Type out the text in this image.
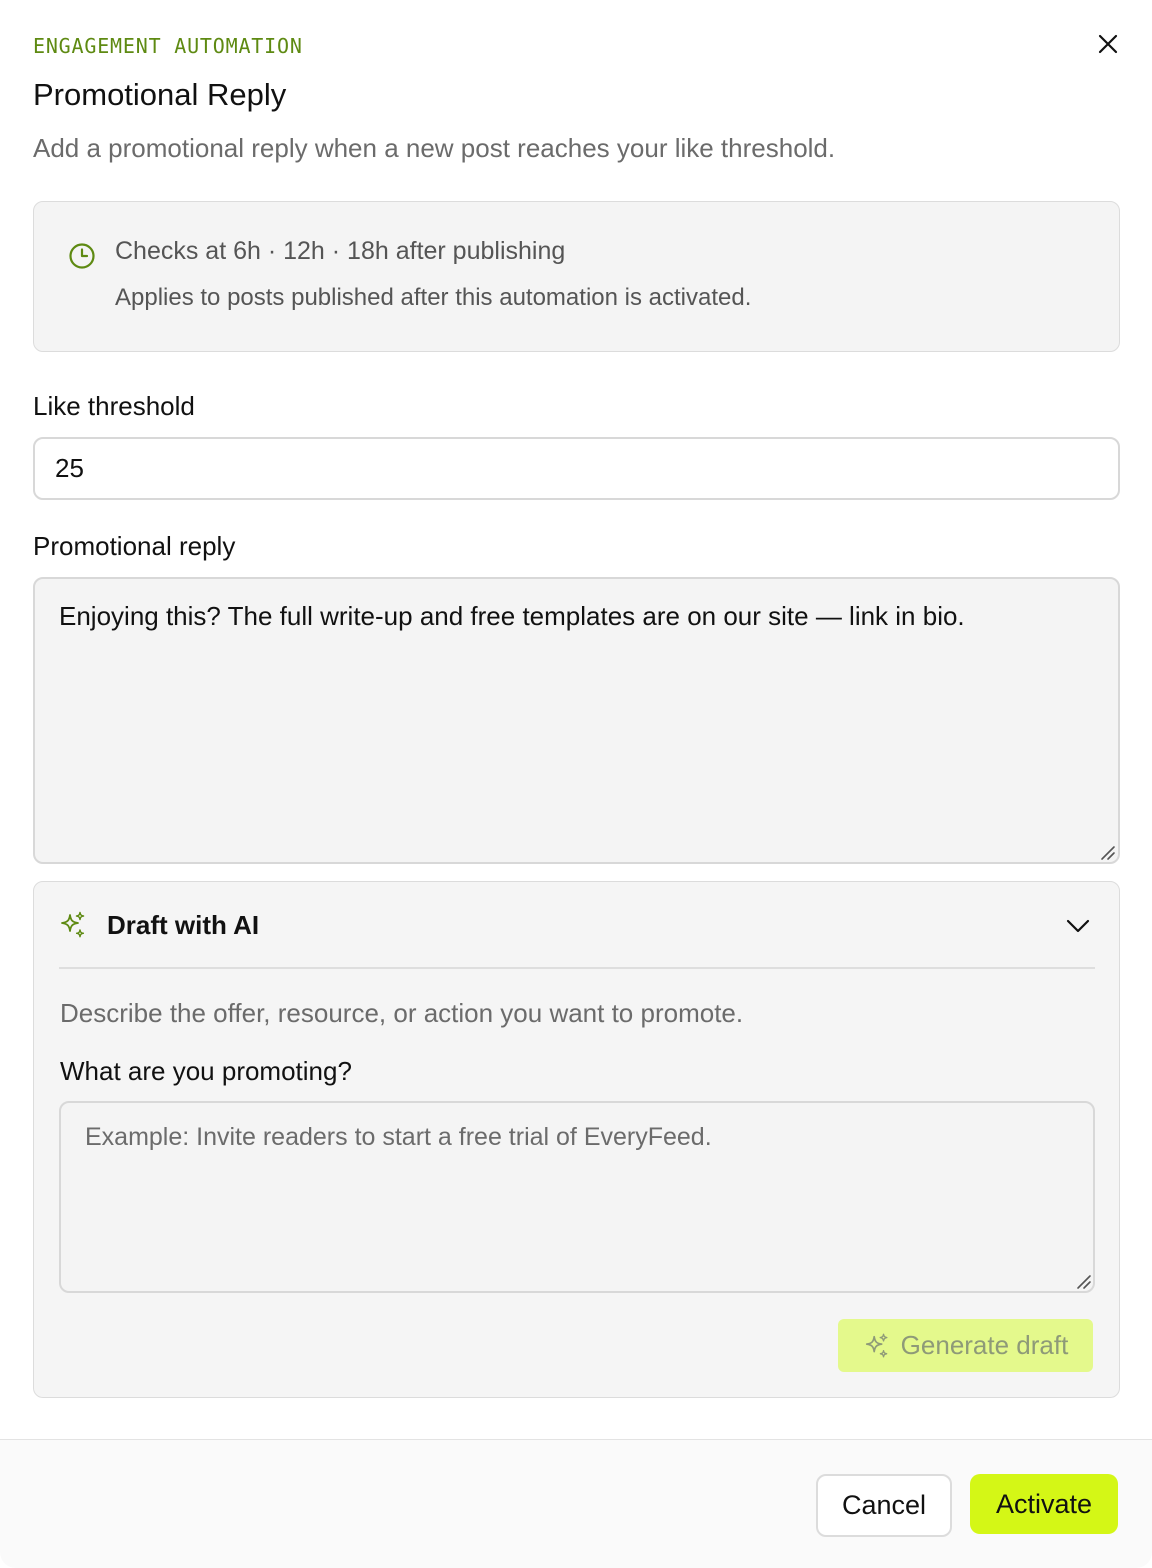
ENGAGEMENT AUTOMATION
Promotional Reply

Add a promotional reply when a new post reaches your like threshold.

Checks at 6h · 12h · 18h after publishing
Applies to posts published after this automation is activated.
Like threshold
25
Promotional reply
Enjoying this? The full write-up and free templates are on our site — link in bio.
Draft with AI

Describe the offer, resource, or action you want to promote.

What are you promoting?
Example: Invite readers to start a free trial of EveryFeed.
Generate draft
Cancel	Activate
